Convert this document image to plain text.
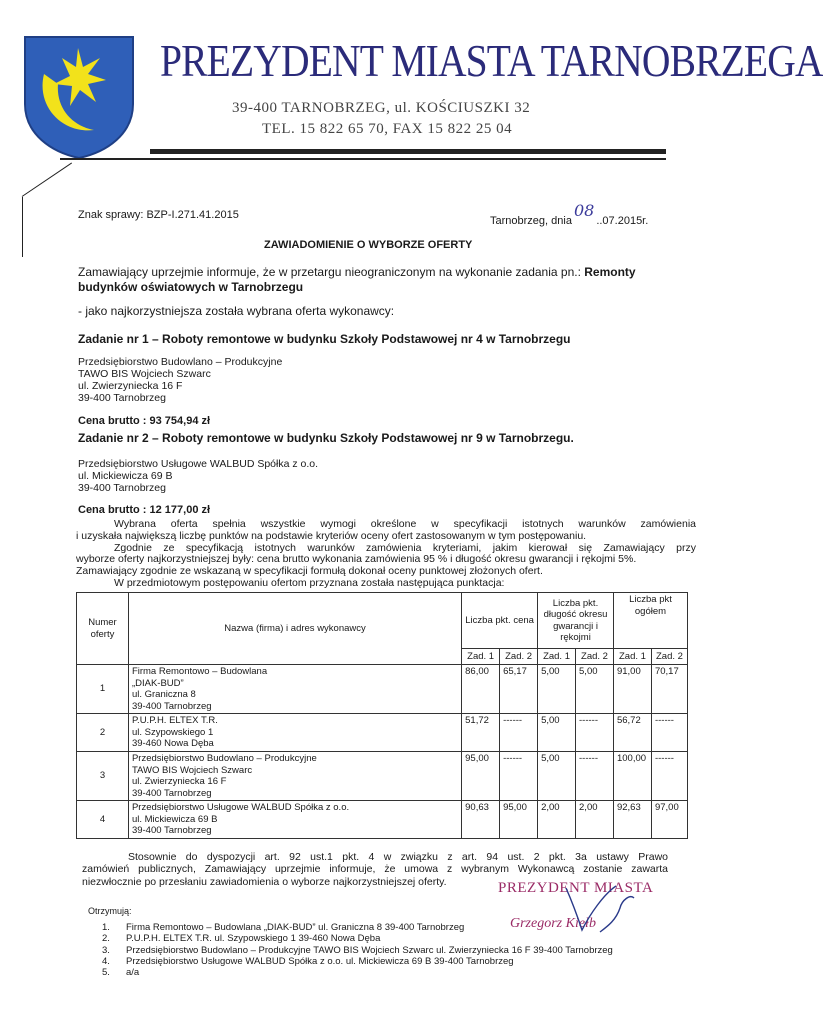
PREZYDENT MIASTA TARNOBRZEGA
39-400 TARNOBRZEG, ul. KOŚCIUSZKI 32
TEL. 15 822 65 70, FAX 15 822 25 04
Znak sprawy: BZP-I.271.41.2015	Tarnobrzeg, dnia08..07.2015r.
ZAWIADOMIENIE O WYBORZE OFERTY
Zamawiający uprzejmie informuje, że w przetargu nieograniczonym na wykonanie zadania pn.: Remonty budynków oświatowych w Tarnobrzegu
- jako najkorzystniejsza została wybrana oferta wykonawcy:
Zadanie nr 1 – Roboty remontowe w budynku Szkoły Podstawowej nr 4 w Tarnobrzegu
Przedsiębiorstwo Budowlano – Produkcyjne
TAWO BIS Wojciech Szwarc
ul. Zwierzyniecka 16 F
39-400 Tarnobrzeg
Cena brutto : 93 754,94 zł
Zadanie nr 2 – Roboty remontowe w budynku Szkoły Podstawowej nr 9 w Tarnobrzegu.
Przedsiębiorstwo Usługowe WALBUD Spółka z o.o.
ul. Mickiewicza 69 B
39-400 Tarnobrzeg
Cena brutto : 12 177,00 zł
Wybrana oferta spełnia wszystkie wymogi określone w specyfikacji istotnych warunków zamówienia
i uzyskała największą liczbę punktów na podstawie kryteriów oceny ofert zastosowanym w tym postępowaniu.
Zgodnie ze specyfikacją istotnych warunków zamówienia kryteriami, jakim kierował się Zamawiający przy
wyborze oferty najkorzystniejszej były: cena brutto wykonania zamówienia 95 % i długość okresu gwarancji i rękojmi 5%.
Zamawiający zgodnie ze wskazaną w specyfikacji formułą dokonał oceny punktowej złożonych ofert.
W przedmiotowym postępowaniu ofertom przyznana została następująca punktacja:
Numer oferty	Nazwa (firma) i adres wykonawcy	Liczba pkt. cena		Liczba pkt. długość okresu gwarancji i rękojmi		Liczba pkt ogółem	
		Zad. 1	Zad. 2	Zad. 1	Zad. 2	Zad. 1	Zad. 2
1	Firma Remontowo – Budowlana
„DIAK-BUD”
ul. Graniczna 8
39-400 Tarnobrzeg	86,00	65,17	5,00	5,00	91,00	70,17
2	P.U.P.H. ELTEX T.R.
ul. Szypowskiego 1
39-460 Nowa Dęba	51,72	------	5,00	------	56,72	------
3	Przedsiębiorstwo Budowlano – Produkcyjne
TAWO BIS Wojciech Szwarc
ul. Zwierzyniecka 16 F
39-400 Tarnobrzeg	95,00	------	5,00	------	100,00	------
4	Przedsiębiorstwo Usługowe WALBUD Spółka z o.o.
ul. Mickiewicza 69 B
39-400 Tarnobrzeg	90,63	95,00	2,00	2,00	92,63	97,00
Stosownie do dyspozycji art. 92 ust.1 pkt. 4 w związku z art. 94 ust. 2 pkt. 3a ustawy Prawo
zamówień publicznych, Zamawiający uprzejmie informuje, że umowa z wybranym Wykonawcą zostanie zawarta
niezwłocznie po przesłaniu zawiadomienia o wyborze najkorzystniejszej oferty.	PREZYDENT MIASTA
Grzegorz Kiełb
Otrzymują:
1.	Firma Remontowo – Budowlana „DIAK-BUD” ul. Graniczna 8 39-400 Tarnobrzeg
2.	P.U.P.H. ELTEX T.R. ul. Szypowskiego 1 39-460 Nowa Dęba
3.	Przedsiębiorstwo Budowlano – Produkcyjne TAWO BIS Wojciech Szwarc ul. Zwierzyniecka 16 F 39-400 Tarnobrzeg
4.	Przedsiębiorstwo Usługowe WALBUD Spółka z o.o. ul. Mickiewicza 69 B 39-400 Tarnobrzeg
5.	a/a
